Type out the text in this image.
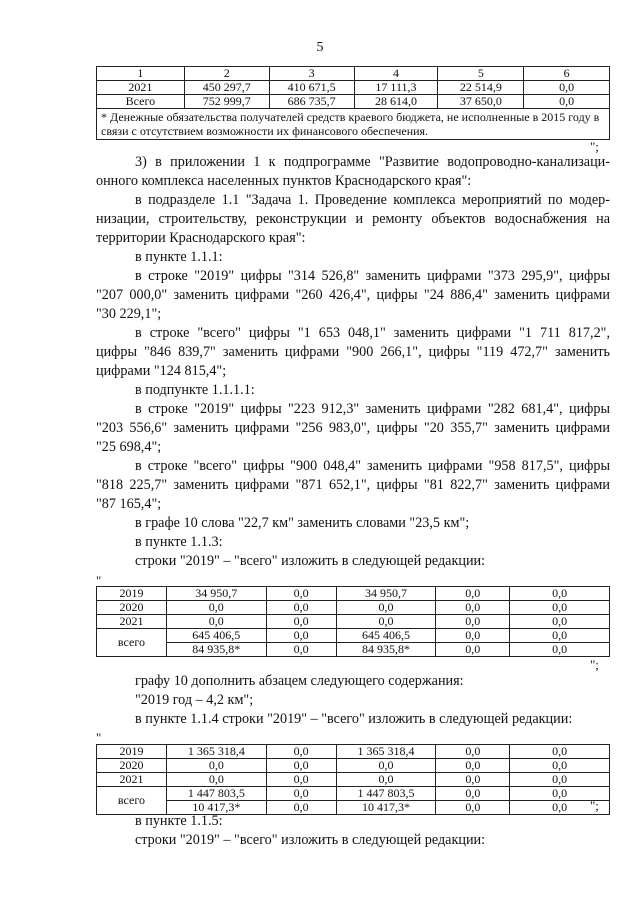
5
1	2	3	4	5	6
2021	450 297,7	410 671,5	17 111,3	22 514,9	0,0
Всего	752 999,7	686 735,7	28 614,0	37 650,0	0,0
* Денежные обязательства получателей средств краевого бюджета, не исполненные в 2015 году в связи с отсутствием возможности их финансового обеспечения.					
";
3) в приложении 1 к подпрограмме "Развитие водопроводно-канализаци-
онного комплекса населенных пунктов Краснодарского края":
в подразделе 1.1 "Задача 1. Проведение комплекса мероприятий по модер-
низации, строительству, реконструкции и ремонту объектов водоснабжения на
территории Краснодарского края":
в пункте 1.1.1:
в строке "2019" цифры "314 526,8" заменить цифрами "373 295,9", цифры
"207 000,0" заменить цифрами "260 426,4", цифры "24 886,4" заменить цифрами
"30 229,1";
в строке "всего" цифры "1 653 048,1" заменить цифрами "1 711 817,2",
цифры "846 839,7" заменить цифрами "900 266,1", цифры "119 472,7" заменить
цифрами "124 815,4";
в подпункте 1.1.1.1:
в строке "2019" цифры "223 912,3" заменить цифрами "282 681,4", цифры
"203 556,6" заменить цифрами "256 983,0", цифры "20 355,7" заменить цифрами
"25 698,4";
в строке "всего" цифры "900 048,4" заменить цифрами "958 817,5", цифры
"818 225,7" заменить цифрами "871 652,1", цифры "81 822,7" заменить цифрами
"87 165,4";
в графе 10 слова "22,7 км" заменить словами "23,5 км";
в пункте 1.1.3:
строки "2019" – "всего" изложить в следующей редакции:
"
2019	34 950,7	0,0	34 950,7	0,0	0,0
2020	0,0	0,0	0,0	0,0	0,0
2021	0,0	0,0	0,0	0,0	0,0
всего	645 406,5	0,0	645 406,5	0,0	0,0
	84 935,8*	0,0	84 935,8*	0,0	0,0
";
графу 10 дополнить абзацем следующего содержания:
"2019 год – 4,2 км";
в пункте 1.1.4 строки "2019" – "всего" изложить в следующей редакции:
"
2019	1 365 318,4	0,0	1 365 318,4	0,0	0,0
2020	0,0	0,0	0,0	0,0	0,0
2021	0,0	0,0	0,0	0,0	0,0
всего	1 447 803,5	0,0	1 447 803,5	0,0	0,0
	10 417,3*	0,0	10 417,3*	0,0	0,0 ";
в пункте 1.1.5:
строки "2019" – "всего" изложить в следующей редакции:
